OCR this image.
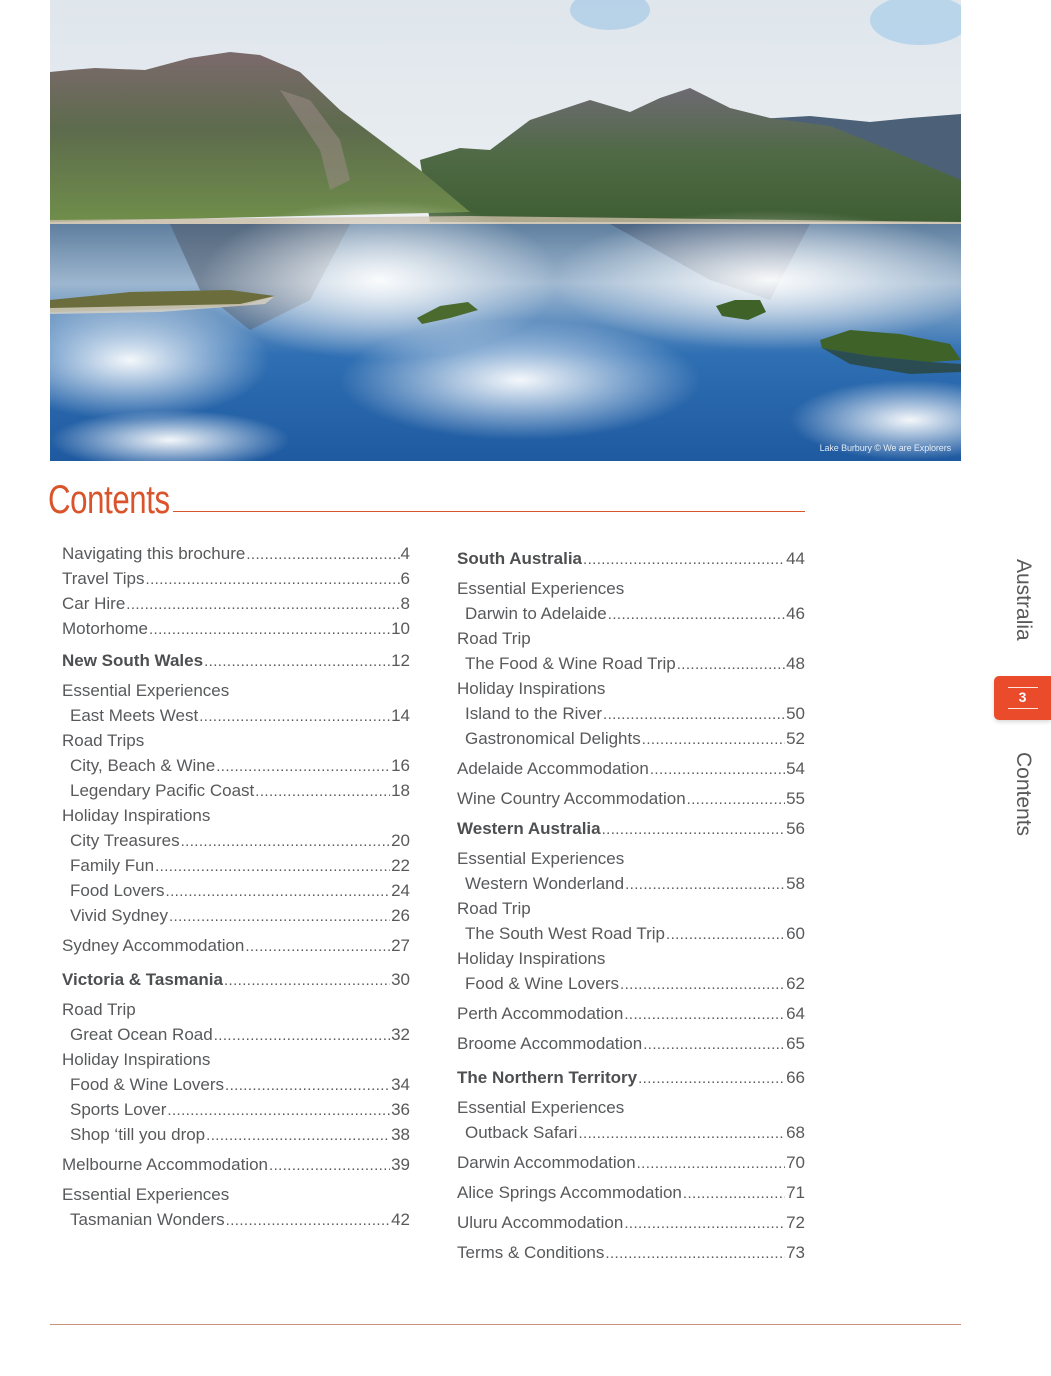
Lake Burbury © We are Explorers
Contents
Navigating this brochure .....	4
Travel Tips .....	6
Car Hire .....	8
Motorhome .....	10
New South Wales .....	12
Essential Experiences
East Meets West .....	14
Road Trips
City, Beach & Wine .....	16
Legendary Pacific Coast .....	18
Holiday Inspirations
City Treasures .....	20
Family Fun .....	22
Food Lovers .....	24
Vivid Sydney .....	26
Sydney Accommodation .....	27
Victoria & Tasmania .....	30
Road Trip
Great Ocean Road .....	32
Holiday Inspirations
Food & Wine Lovers .....	34
Sports Lover .....	36
Shop ‘till you drop .....	38
Melbourne Accommodation .....	39
Essential Experiences
Tasmanian Wonders .....	42
South Australia .....	44
Essential Experiences
Darwin to Adelaide .....	46
Road Trip
The Food & Wine Road Trip .....	48
Holiday Inspirations
Island to the River .....	50
Gastronomical Delights .....	52
Adelaide Accommodation .....	54
Wine Country Accommodation .....	55
Western Australia .....	56
Essential Experiences
Western Wonderland .....	58
Road Trip
The South West Road Trip .....	60
Holiday Inspirations
Food & Wine Lovers .....	62
Perth Accommodation .....	64
Broome Accommodation .....	65
The Northern Territory .....	66
Essential Experiences
Outback Safari .....	68
Darwin Accommodation .....	70
Alice Springs Accommodation .....	71
Uluru Accommodation .....	72
Terms & Conditions .....	73
Australia
3
Contents
